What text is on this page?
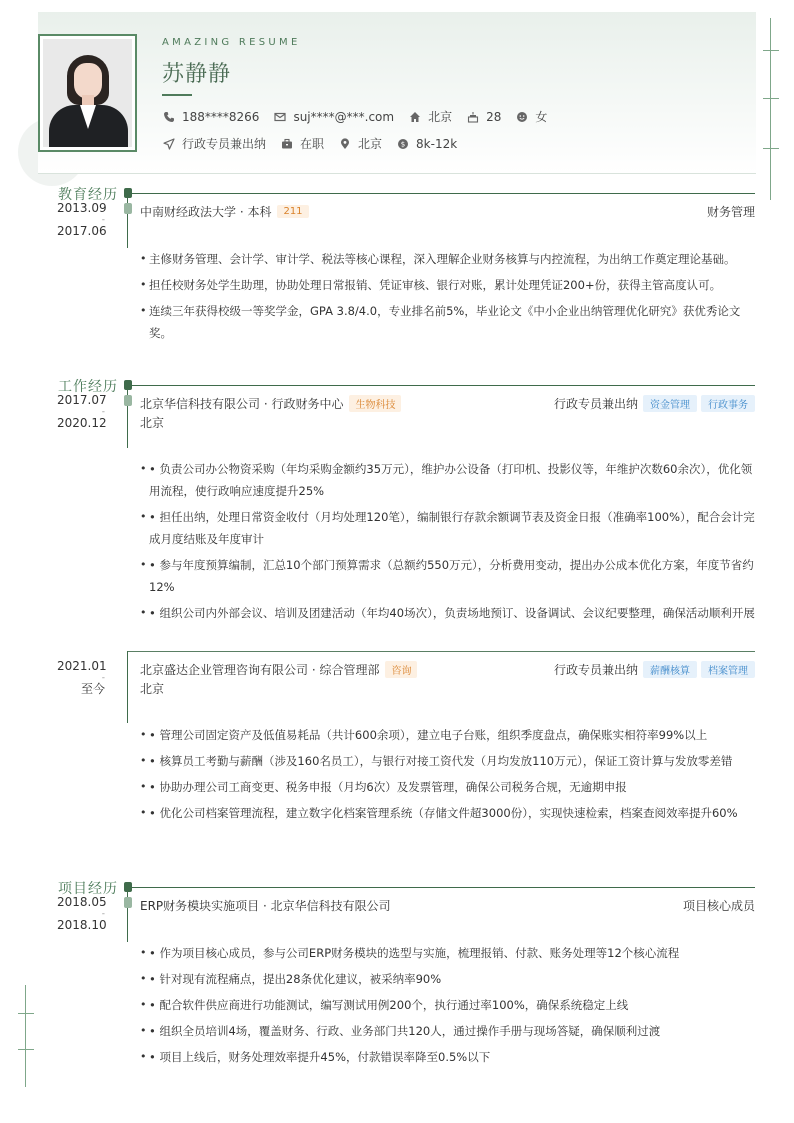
AMAZING RESUME
苏静静
188****8266	suj****@***.com	北京	28	女
行政专员兼出纳	在职	北京	$ 8k-12k
教育经历
2013.09
-
2017.06
中南财经政法大学 · 本科	211	财务管理
• 主修财务管理、会计学、审计学、税法等核心课程，深入理解企业财务核算与内控流程，为出纳工作奠定理论基础。
• 担任校财务处学生助理，协助处理日常报销、凭证审核、银行对账，累计处理凭证200+份，获得主管高度认可。
• 连续三年获得校级一等奖学金，GPA 3.8/4.0，专业排名前5%，毕业论文《中小企业出纳管理优化研究》获优秀论文奖。
工作经历
2017.07
-
2020.12
北京华信科技有限公司 · 行政财务中心	生物科技	行政专员兼出纳	资金管理	行政事务
北京
• • 负责公司办公物资采购（年均采购金额约35万元），维护办公设备（打印机、投影仪等，年维护次数60余次），优化领用流程，使行政响应速度提升25%
• • 担任出纳，处理日常资金收付（月均处理120笔），编制银行存款余额调节表及资金日报（准确率100%），配合会计完成月度结账及年度审计
• • 参与年度预算编制，汇总10个部门预算需求（总额约550万元），分析费用变动，提出办公成本优化方案，年度节省约12%
• • 组织公司内外部会议、培训及团建活动（年均40场次），负责场地预订、设备调试、会议纪要整理，确保活动顺利开展
2021.01
-
至今
北京盛达企业管理咨询有限公司 · 综合管理部	咨询	行政专员兼出纳	薪酬核算	档案管理
北京
• • 管理公司固定资产及低值易耗品（共计600余项），建立电子台账，组织季度盘点，确保账实相符率99%以上
• • 核算员工考勤与薪酬（涉及160名员工），与银行对接工资代发（月均发放110万元），保证工资计算与发放零差错
• • 协助办理公司工商变更、税务申报（月均6次）及发票管理，确保公司税务合规，无逾期申报
• • 优化公司档案管理流程，建立数字化档案管理系统（存储文件超3000份），实现快速检索，档案查阅效率提升60%
项目经历
2018.05
-
2018.10
ERP财务模块实施项目 · 北京华信科技有限公司	项目核心成员
• • 作为项目核心成员，参与公司ERP财务模块的选型与实施，梳理报销、付款、账务处理等12个核心流程
• • 针对现有流程痛点，提出28条优化建议，被采纳率90%
• • 配合软件供应商进行功能测试，编写测试用例200个，执行通过率100%，确保系统稳定上线
• • 组织全员培训4场，覆盖财务、行政、业务部门共120人，通过操作手册与现场答疑，确保顺利过渡
• • 项目上线后，财务处理效率提升45%，付款错误率降至0.5%以下
